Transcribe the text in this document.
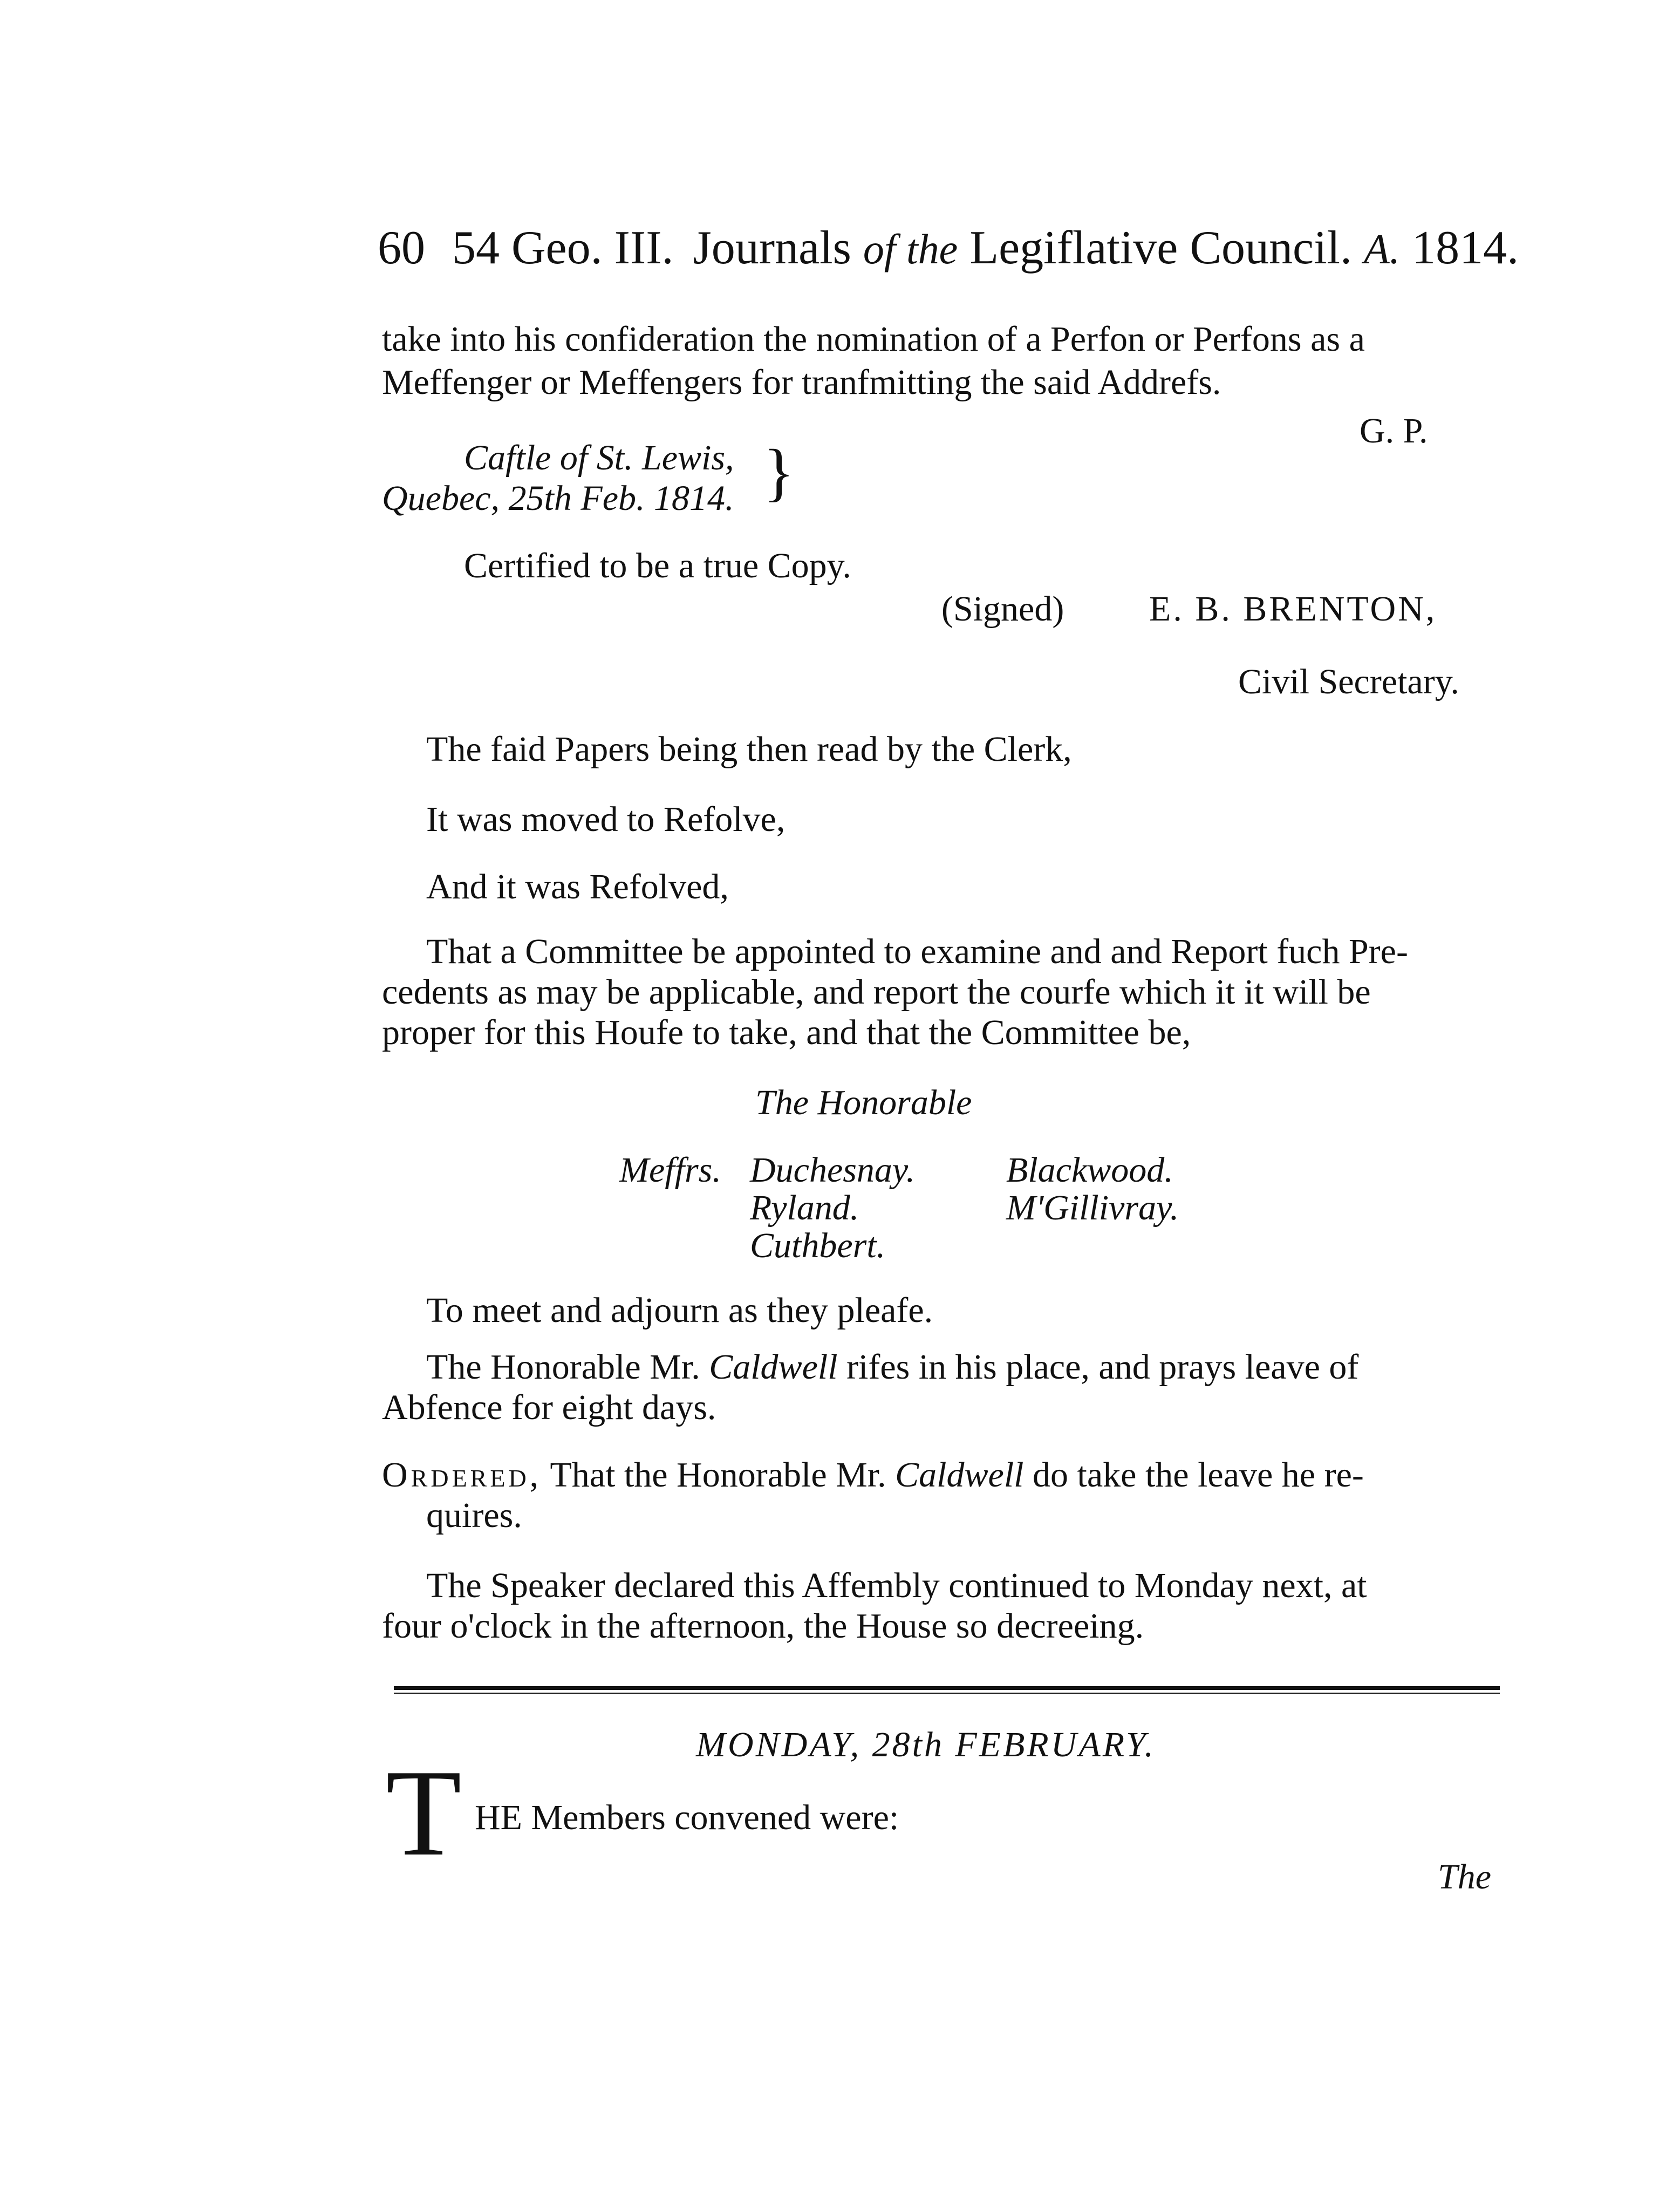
60 54 Geo. III. Journals of the Legiflative Council. A. 1814.
take into his confideration the nomination of a Perfon or Perfons as a
Meffenger or Meffengers for tranfmitting the said Addrefs.
G. P.
Caftle of St. Lewis,
Quebec, 25th Feb. 1814. }
Certified to be a true Copy.
(Signed) E. B. BRENTON,
Civil Secretary.
The faid Papers being then read by the Clerk,
It was moved to Refolve,
And it was Refolved,
That a Committee be appointed to examine and and Report fuch Pre-
cedents as may be applicable, and report the courfe which it it will be
proper for this Houfe to take, and that the Committee be,
The Honorable
Meffrs. Duchesnay.
Ryland.
Cuthbert.
Blackwood.
M'Gillivray.
To meet and adjourn as they pleafe.
The Honorable Mr. Caldwell rifes in his place, and prays leave of
Abfence for eight days.
Ordered, That the Honorable Mr. Caldwell do take the leave he re-
quires.
The Speaker declared this Affembly continued to Monday next, at
four o'clock in the afternoon, the House so decreeing.
MONDAY, 28th FEBRUARY.
T HE Members convened were:
The
